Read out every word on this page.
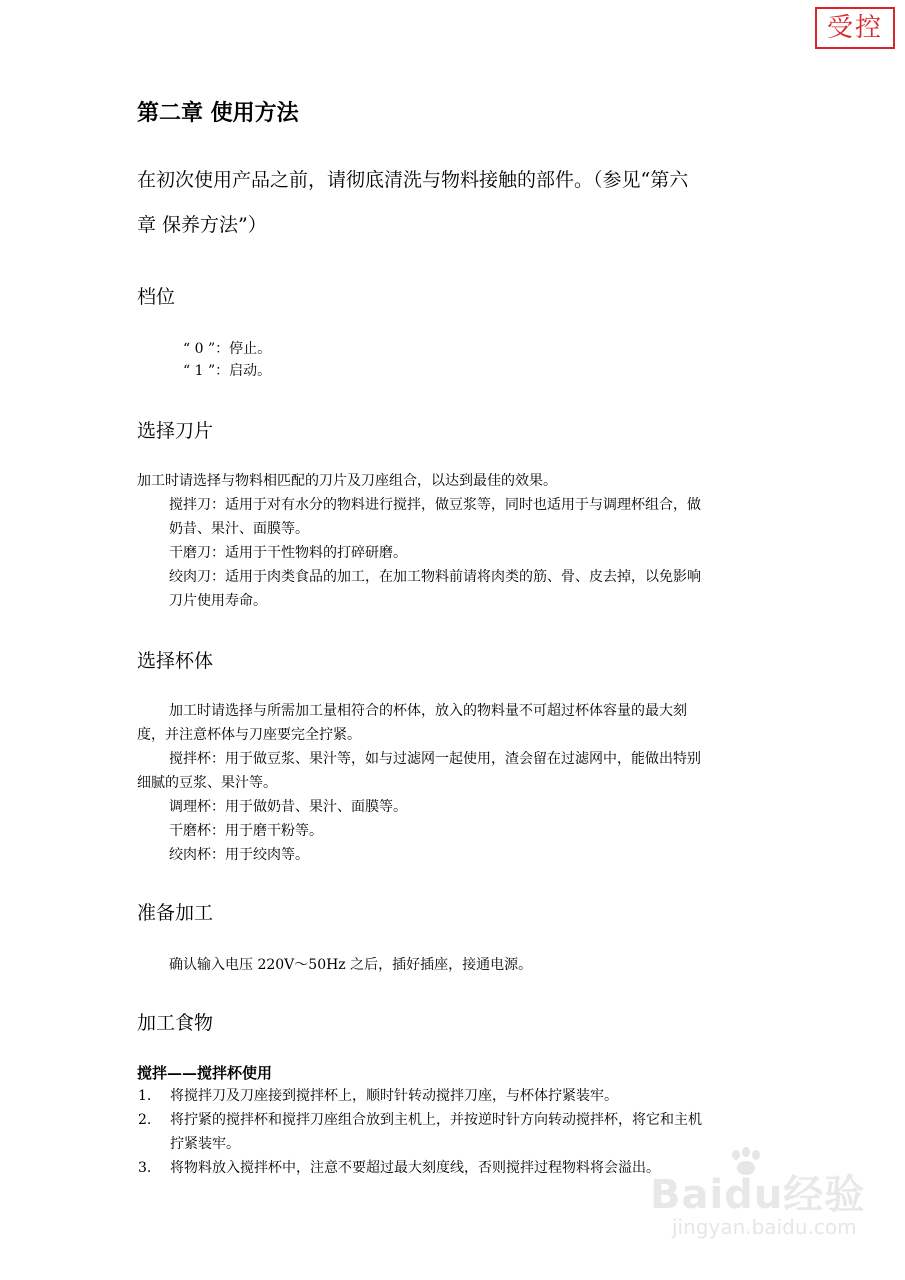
受控
第二章 使用方法
在初次使用产品之前，请彻底清洗与物料接触的部件。（参见“第六
章 保养方法”）
档位
“ 0 ”：停止。
“ 1 ”：启动。
选择刀片
加工时请选择与物料相匹配的刀片及刀座组合，以达到最佳的效果。
搅拌刀：适用于对有水分的物料进行搅拌，做豆浆等，同时也适用于与调理杯组合，做
奶昔、果汁、面膜等。
干磨刀：适用于干性物料的打碎研磨。
绞肉刀：适用于肉类食品的加工，在加工物料前请将肉类的筋、骨、皮去掉，以免影响
刀片使用寿命。
选择杯体
加工时请选择与所需加工量相符合的杯体，放入的物料量不可超过杯体容量的最大刻
度，并注意杯体与刀座要完全拧紧。
搅拌杯：用于做豆浆、果汁等，如与过滤网一起使用，渣会留在过滤网中，能做出特别
细腻的豆浆、果汁等。
调理杯：用于做奶昔、果汁、面膜等。
干磨杯：用于磨干粉等。
绞肉杯：用于绞肉等。
准备加工
确认输入电压 220V～50Hz 之后，插好插座，接通电源。
加工食物
搅拌——搅拌杯使用
1. 将搅拌刀及刀座接到搅拌杯上，顺时针转动搅拌刀座，与杯体拧紧装牢。
2. 将拧紧的搅拌杯和搅拌刀座组合放到主机上，并按逆时针方向转动搅拌杯，将它和主机
拧紧装牢。
3. 将物料放入搅拌杯中，注意不要超过最大刻度线，否则搅拌过程物料将会溢出。
Baidu经验
jingyan.baidu.com
